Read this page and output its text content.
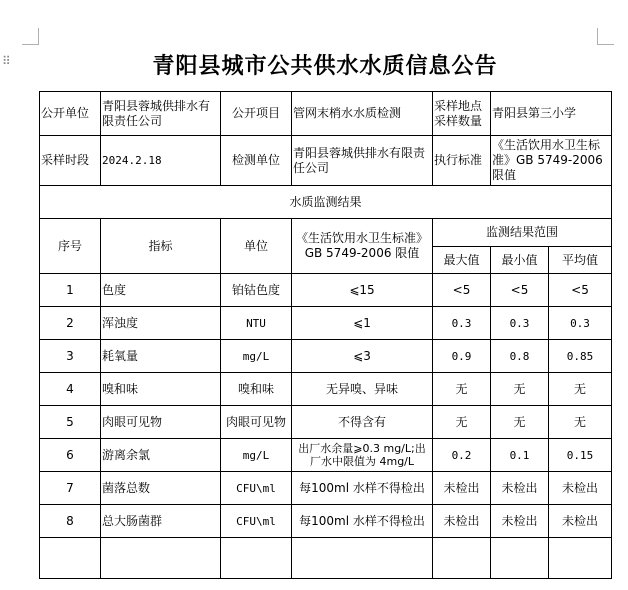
⠿	青阳县城市公共供水水质信息公告
公开单位	青阳县蓉城供排水有限责任公司	公开项目	管网末梢水水质检测	采样地点采样数量	青阳县第三小学	
采样时段	2024.2.18	检测单位	青阳县蓉城供排水有限责任公司	执行标准	《生活饮用水卫生标准》GB 5749-2006 限值	
水质监测结果						
序号	指标	单位	《生活饮用水卫生标准》GB 5749-2006 限值	监测结果范围		
				最大值	最小值	平均值
1	色度	铂钴色度	⩽15	<5	<5	<5
2	浑浊度	NTU	⩽1	0.3	0.3	0.3
3	耗氧量	mg/L	⩽3	0.9	0.8	0.85
4	嗅和味	嗅和味	无异嗅、异味	无	无	无
5	肉眼可见物	肉眼可见物	不得含有	无	无	无
6	游离余氯	mg/L	出厂水余量⩾0.3 mg/L;出厂水中限值为 4mg/L	0.2	0.1	0.15
7	菌落总数	CFU\ml	每100ml 水样不得检出	未检出	未检出	未检出
8	总大肠菌群	CFU\ml	每100ml 水样不得检出	未检出	未检出	未检出
